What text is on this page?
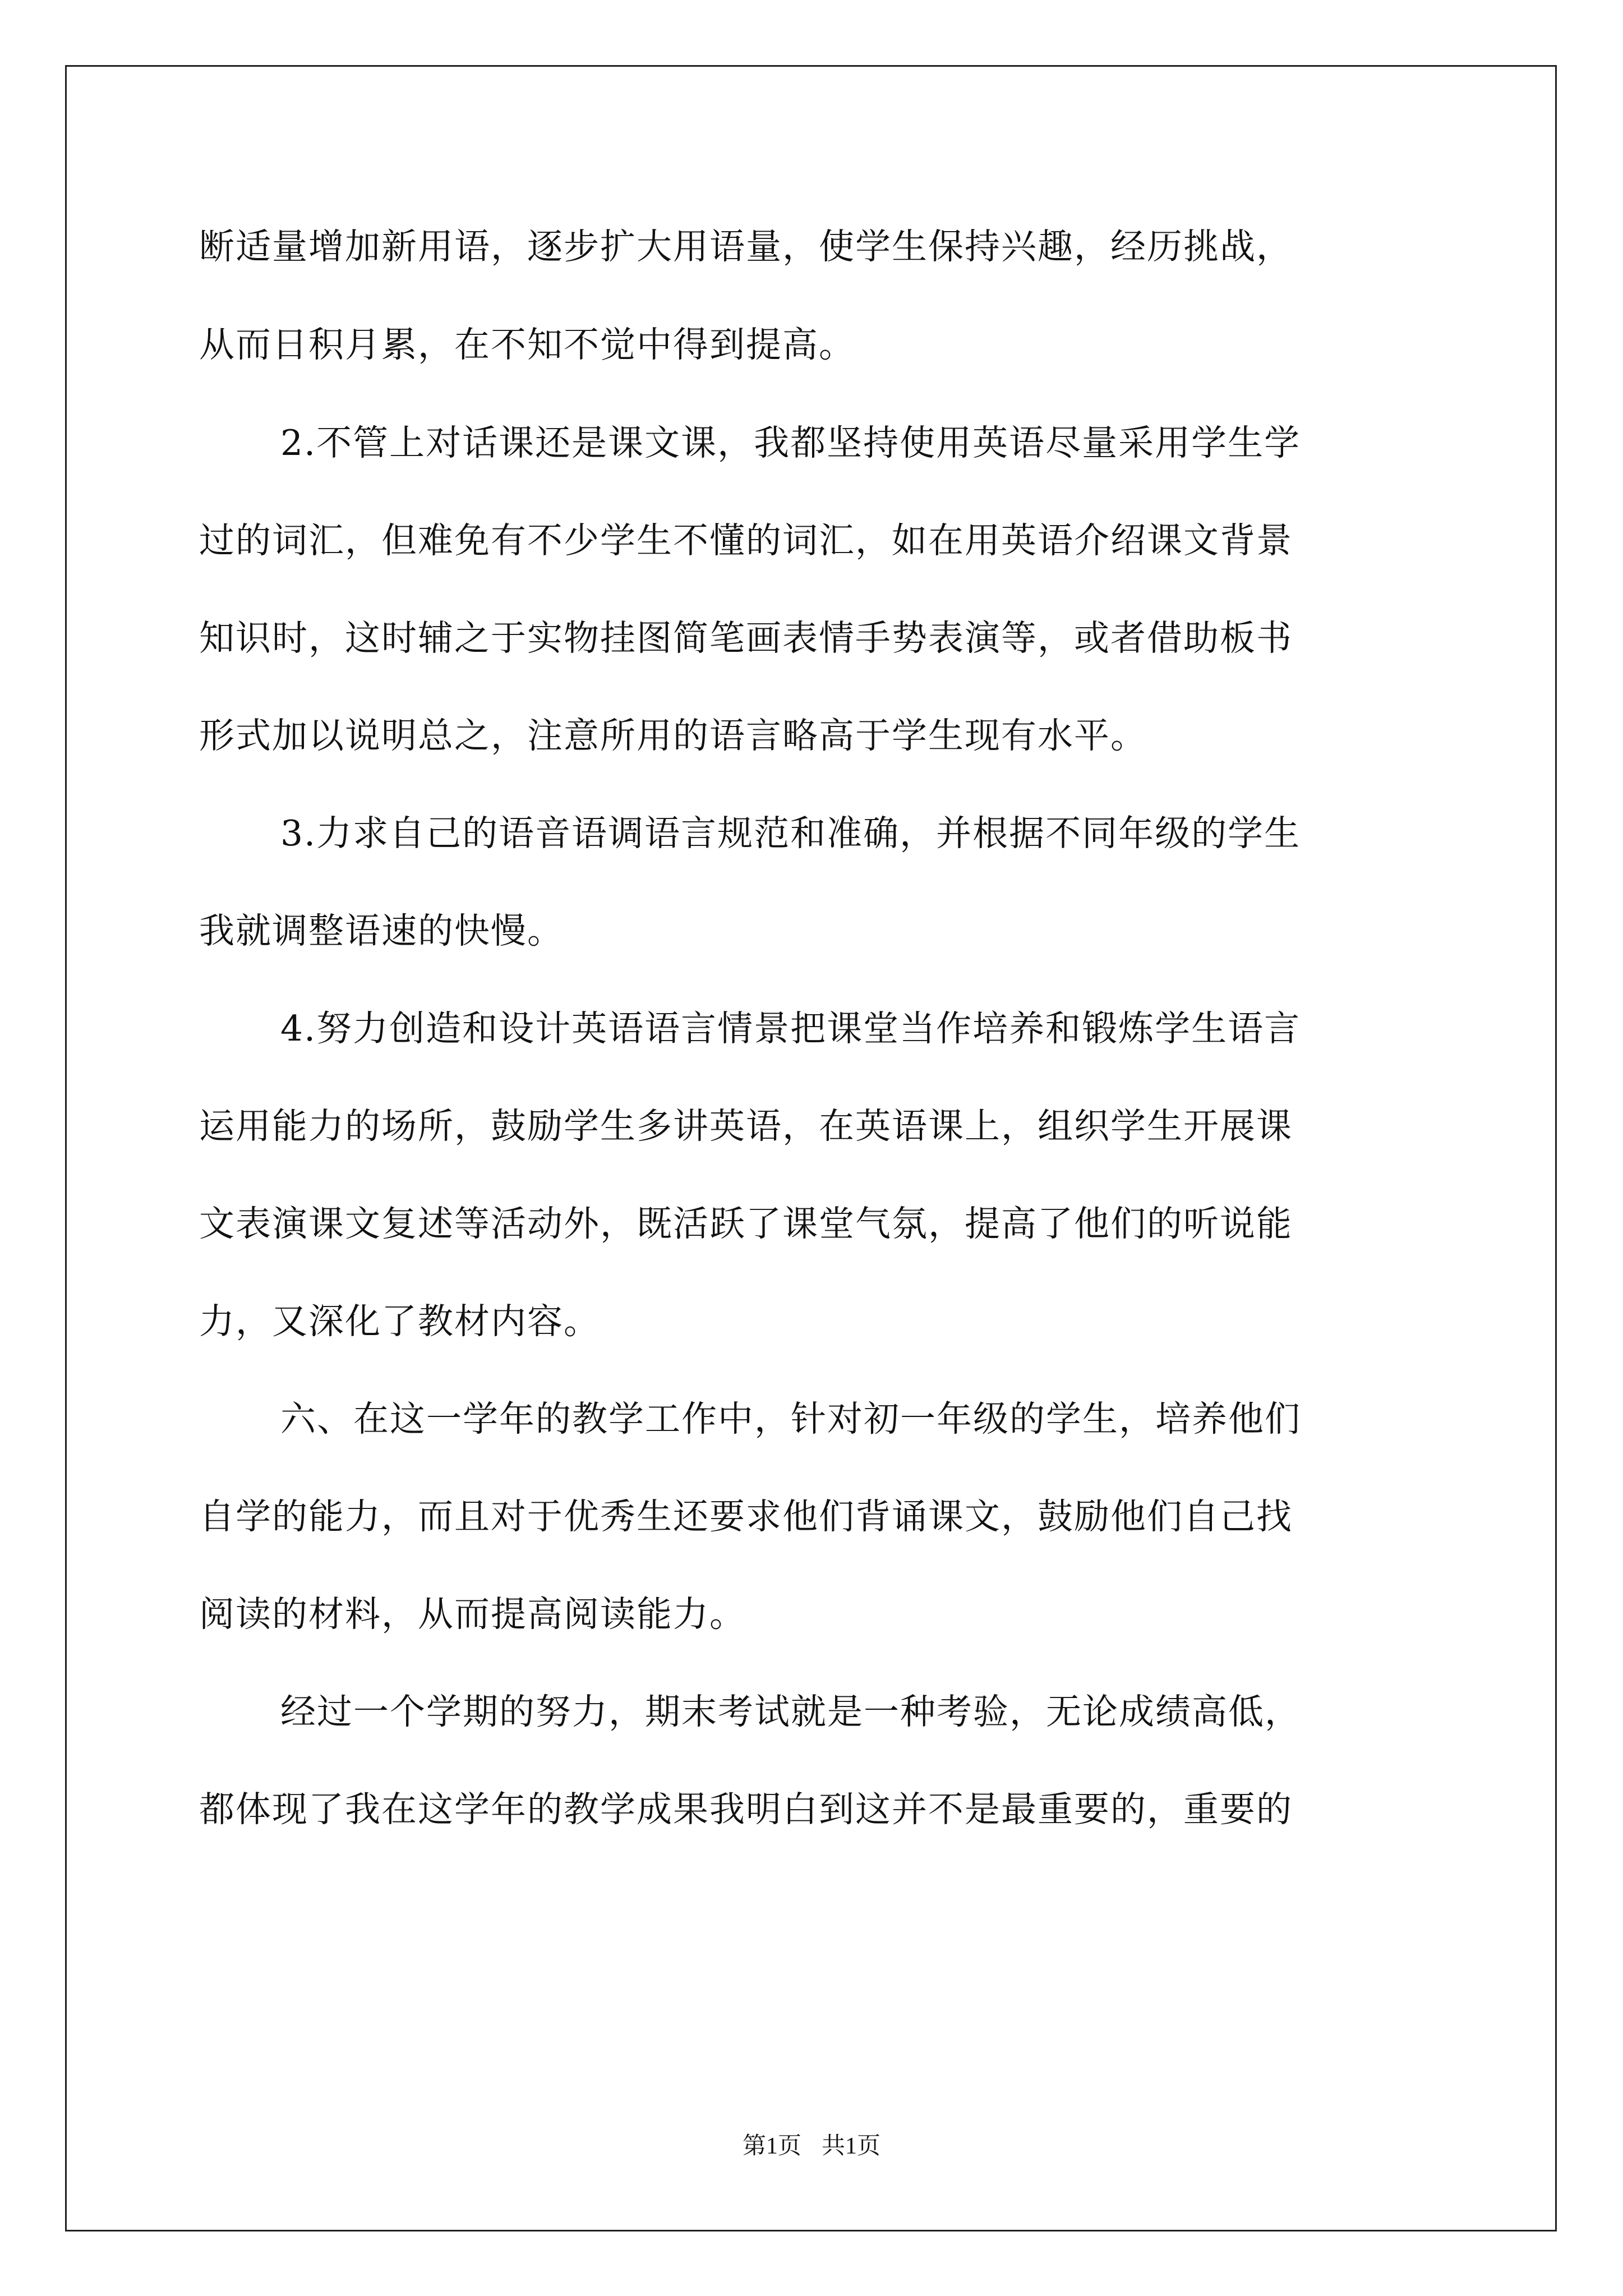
断适量增加新用语，逐步扩大用语量，使学生保持兴趣，经历挑战，
从而日积月累，在不知不觉中得到提高。
2.不管上对话课还是课文课，我都坚持使用英语尽量采用学生学
过的词汇，但难免有不少学生不懂的词汇，如在用英语介绍课文背景
知识时，这时辅之于实物挂图简笔画表情手势表演等，或者借助板书
形式加以说明总之，注意所用的语言略高于学生现有水平。
3.力求自己的语音语调语言规范和准确，并根据不同年级的学生
我就调整语速的快慢。
4.努力创造和设计英语语言情景把课堂当作培养和锻炼学生语言
运用能力的场所，鼓励学生多讲英语，在英语课上，组织学生开展课
文表演课文复述等活动外，既活跃了课堂气氛，提高了他们的听说能
力，又深化了教材内容。
六、在这一学年的教学工作中，针对初一年级的学生，培养他们
自学的能力，而且对于优秀生还要求他们背诵课文，鼓励他们自己找
阅读的材料，从而提高阅读能力。
经过一个学期的努力，期末考试就是一种考验，无论成绩高低，
都体现了我在这学年的教学成果我明白到这并不是最重要的，重要的
第1页 共1页
